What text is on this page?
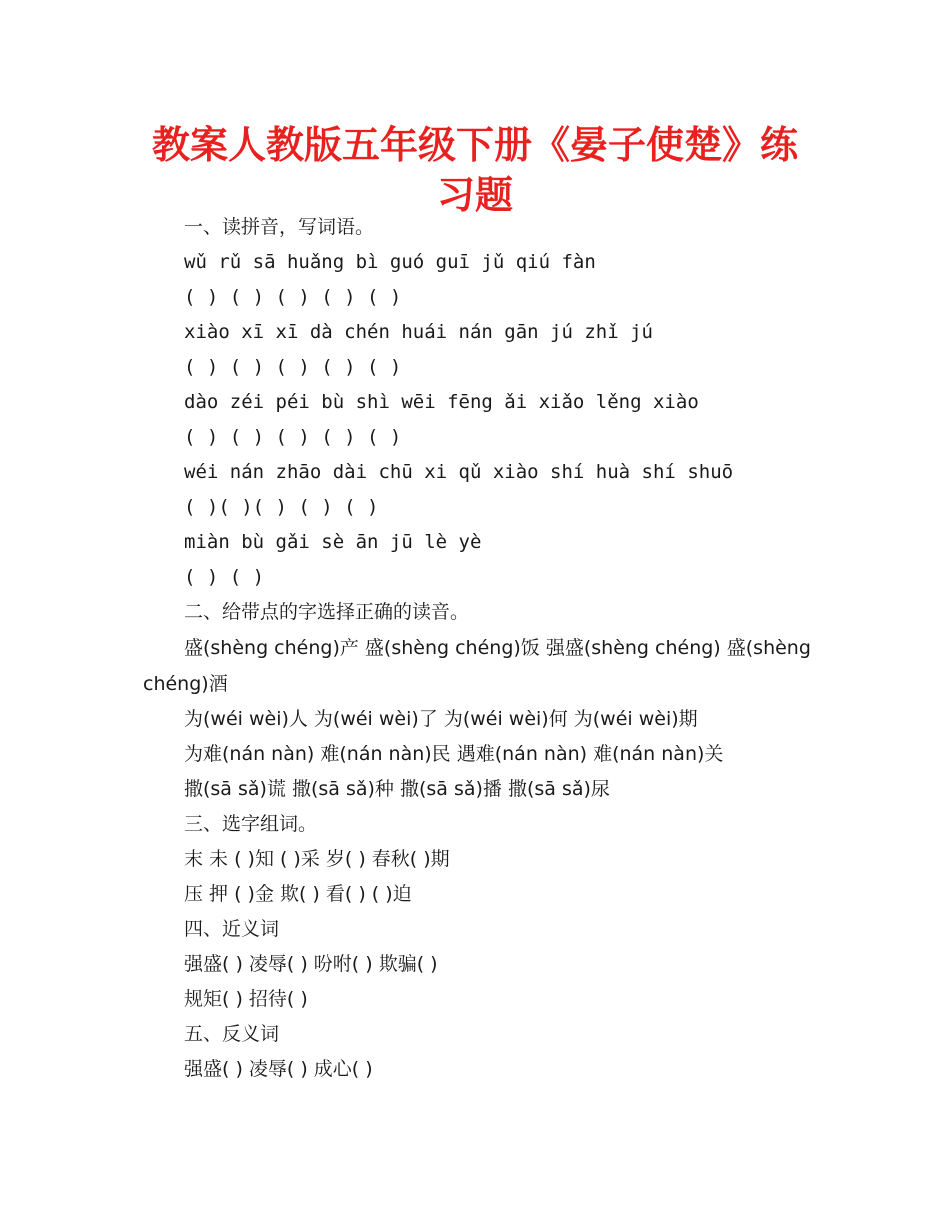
教案人教版五年级下册《晏子使楚》练习题
一、读拼音，写词语。
wǔ rǔ sā huǎng bì guó guī jǔ qiú fàn
( ) ( ) ( ) ( ) ( )
xiào xī xī dà chén huái nán gān jú zhǐ jú
( ) ( ) ( ) ( ) ( )
dào zéi péi bù shì wēi fēng ǎi xiǎo lěng xiào
( ) ( ) ( ) ( ) ( )
wéi nán zhāo dài chū xi qǔ xiào shí huà shí shuō
( )( )( ) ( ) ( )
miàn bù gǎi sè ān jū lè yè
( ) ( )
二、给带点的字选择正确的读音。
盛(shèng chéng)产 盛(shèng chéng)饭 强盛(shèng chéng) 盛(shèng chéng)酒
为(wéi wèi)人 为(wéi wèi)了 为(wéi wèi)何 为(wéi wèi)期
为难(nán nàn) 难(nán nàn)民 遇难(nán nàn) 难(nán nàn)关
撒(sā sǎ)谎 撒(sā sǎ)种 撒(sā sǎ)播 撒(sā sǎ)尿
三、选字组词。
末 未 ( )知 ( )采 岁( ) 春秋( )期
压 押 ( )金 欺( ) 看( ) ( )迫
四、近义词
强盛( ) 凌辱( ) 吩咐( ) 欺骗( )
规矩( ) 招待( )
五、反义词
强盛( ) 凌辱( ) 成心( )
